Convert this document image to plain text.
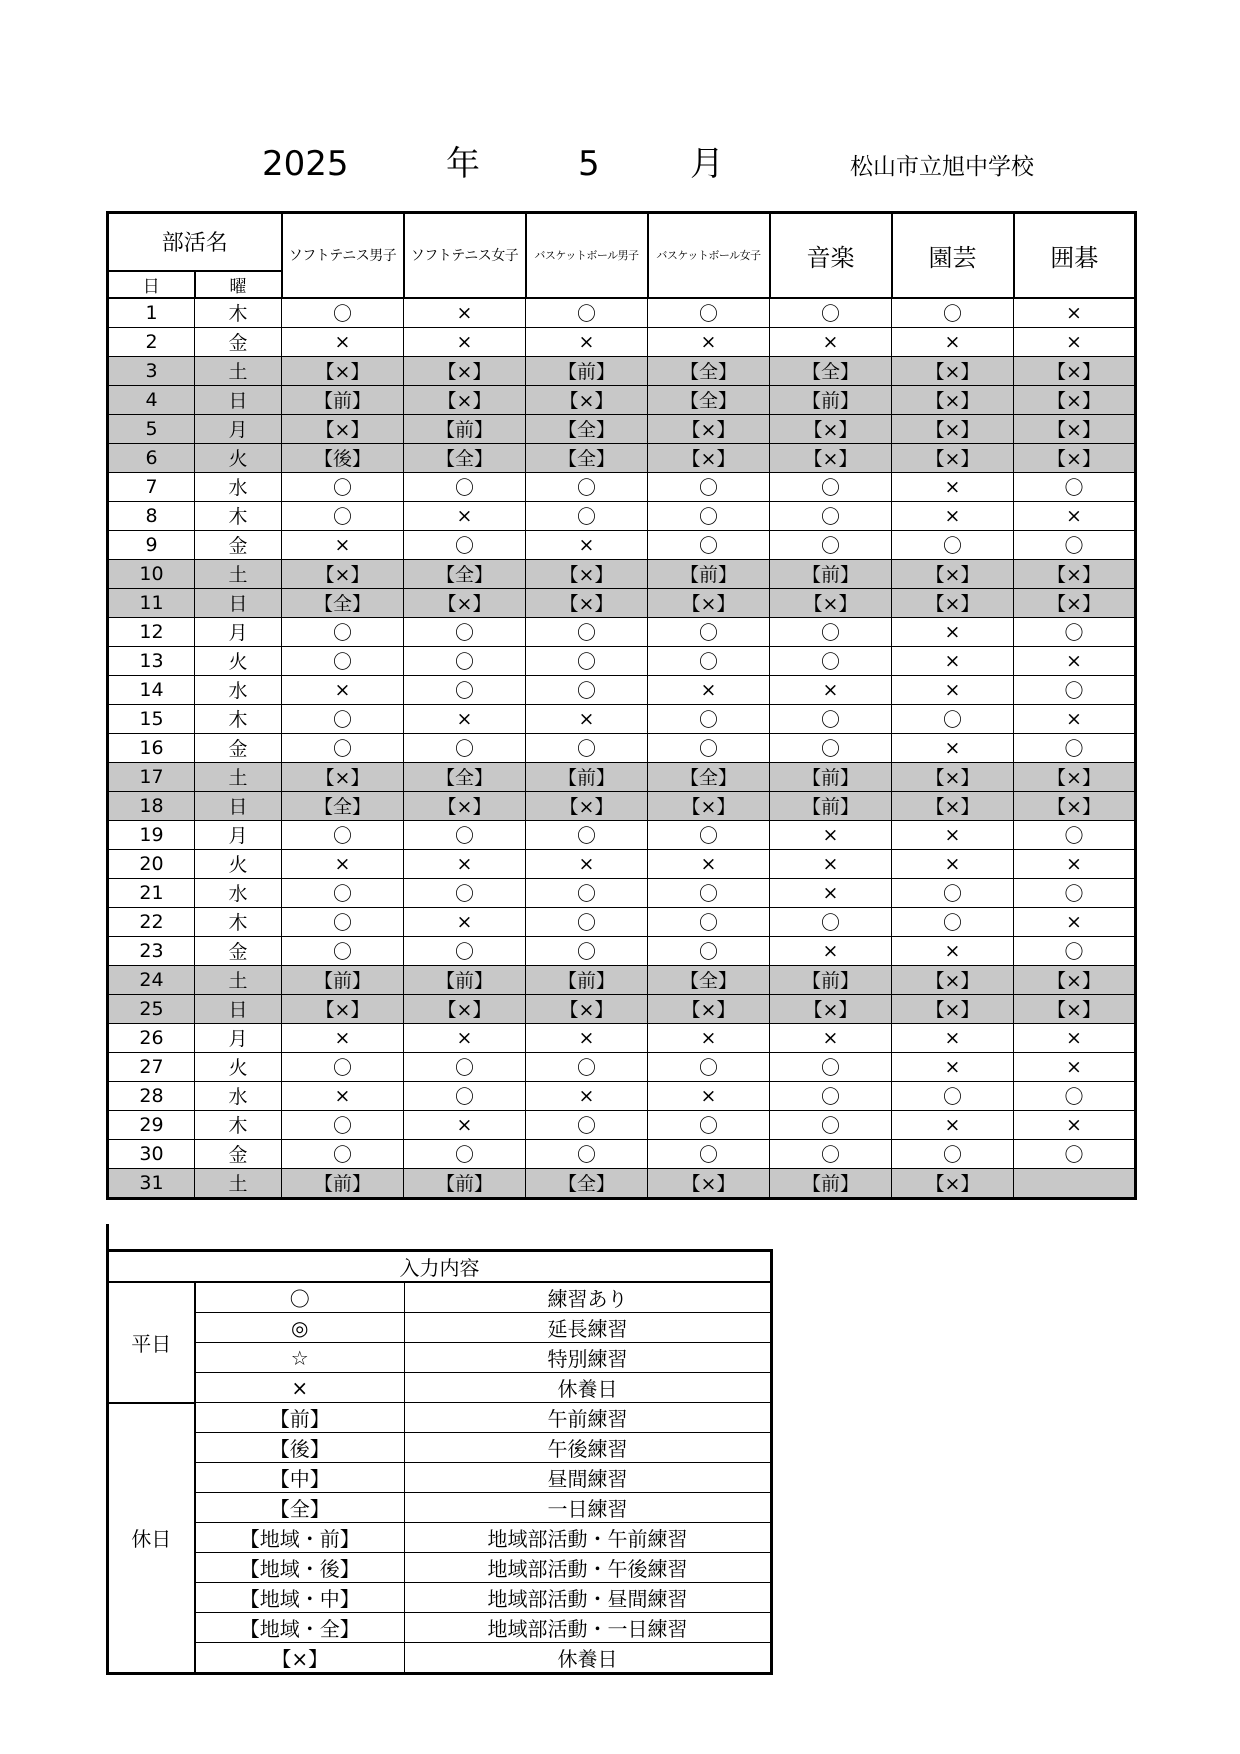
2025	年	5	月	松山市立旭中学校
部活名		ソフトテニス男子	ソフトテニス女子	バスケットボール男子	バスケットボール女子	音楽	園芸	囲碁
日	曜							
1	木	〇	×	〇	〇	〇	〇	×
2	金	×	×	×	×	×	×	×
3	土	【×】	【×】	【前】	【全】	【全】	【×】	【×】
4	日	【前】	【×】	【×】	【全】	【前】	【×】	【×】
5	月	【×】	【前】	【全】	【×】	【×】	【×】	【×】
6	火	【後】	【全】	【全】	【×】	【×】	【×】	【×】
7	水	〇	〇	〇	〇	〇	×	〇
8	木	〇	×	〇	〇	〇	×	×
9	金	×	〇	×	〇	〇	〇	〇
10	土	【×】	【全】	【×】	【前】	【前】	【×】	【×】
11	日	【全】	【×】	【×】	【×】	【×】	【×】	【×】
12	月	〇	〇	〇	〇	〇	×	〇
13	火	〇	〇	〇	〇	〇	×	×
14	水	×	〇	〇	×	×	×	〇
15	木	〇	×	×	〇	〇	〇	×
16	金	〇	〇	〇	〇	〇	×	〇
17	土	【×】	【全】	【前】	【全】	【前】	【×】	【×】
18	日	【全】	【×】	【×】	【×】	【前】	【×】	【×】
19	月	〇	〇	〇	〇	×	×	〇
20	火	×	×	×	×	×	×	×
21	水	〇	〇	〇	〇	×	〇	〇
22	木	〇	×	〇	〇	〇	〇	×
23	金	〇	〇	〇	〇	×	×	〇
24	土	【前】	【前】	【前】	【全】	【前】	【×】	【×】
25	日	【×】	【×】	【×】	【×】	【×】	【×】	【×】
26	月	×	×	×	×	×	×	×
27	火	〇	〇	〇	〇	〇	×	×
28	水	×	〇	×	×	〇	〇	〇
29	木	〇	×	〇	〇	〇	×	×
30	金	〇	〇	〇	〇	〇	〇	〇
31	土	【前】	【前】	【全】	【×】	【前】	【×】	
入力内容		
平日	〇	練習あり
	◎	延長練習
	☆	特別練習
	×	休養日
休日	【前】	午前練習
	【後】	午後練習
	【中】	昼間練習
	【全】	一日練習
	【地域・前】	地域部活動・午前練習
	【地域・後】	地域部活動・午後練習
	【地域・中】	地域部活動・昼間練習
	【地域・全】	地域部活動・一日練習
	【×】	休養日
